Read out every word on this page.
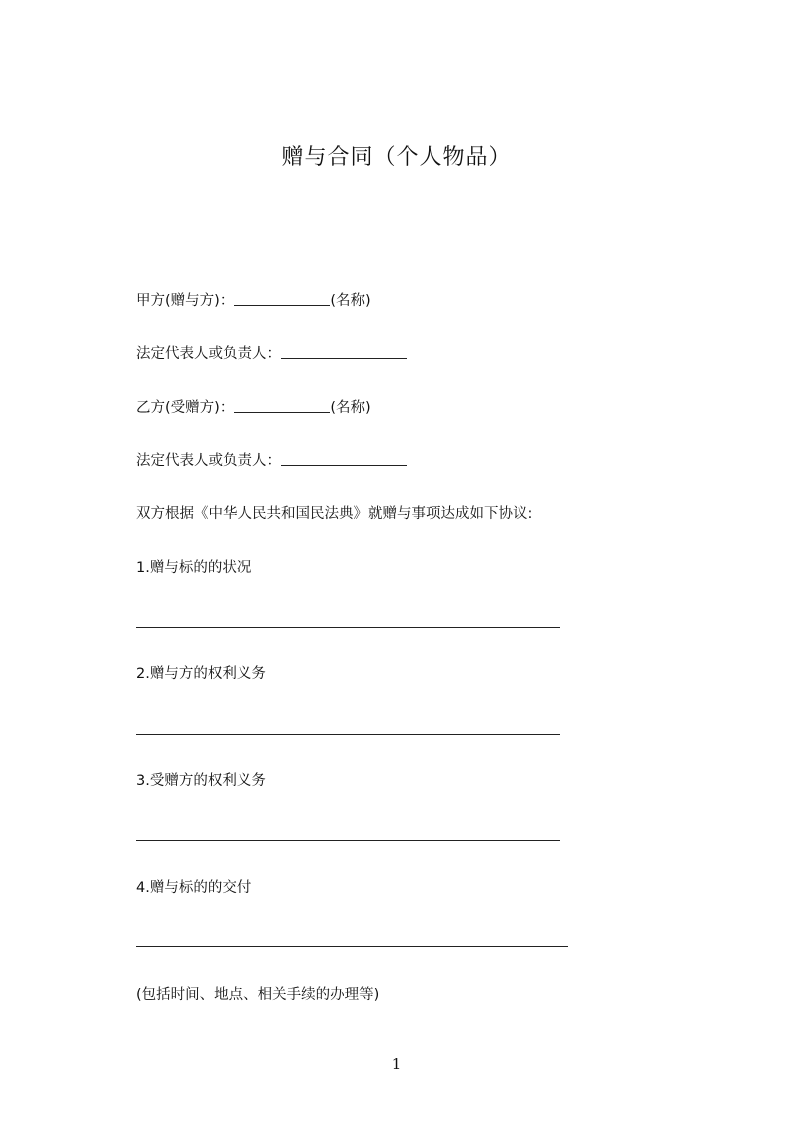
赠与合同（个人物品）
甲方(赠与方)：	(名称)
法定代表人或负责人：
乙方(受赠方)：	(名称)
法定代表人或负责人：
双方根据《中华人民共和国民法典》就赠与事项达成如下协议:
1.赠与标的的状况
2.赠与方的权利义务
3.受赠方的权利义务
4.赠与标的的交付
(包括时间、地点、相关手续的办理等)
1
